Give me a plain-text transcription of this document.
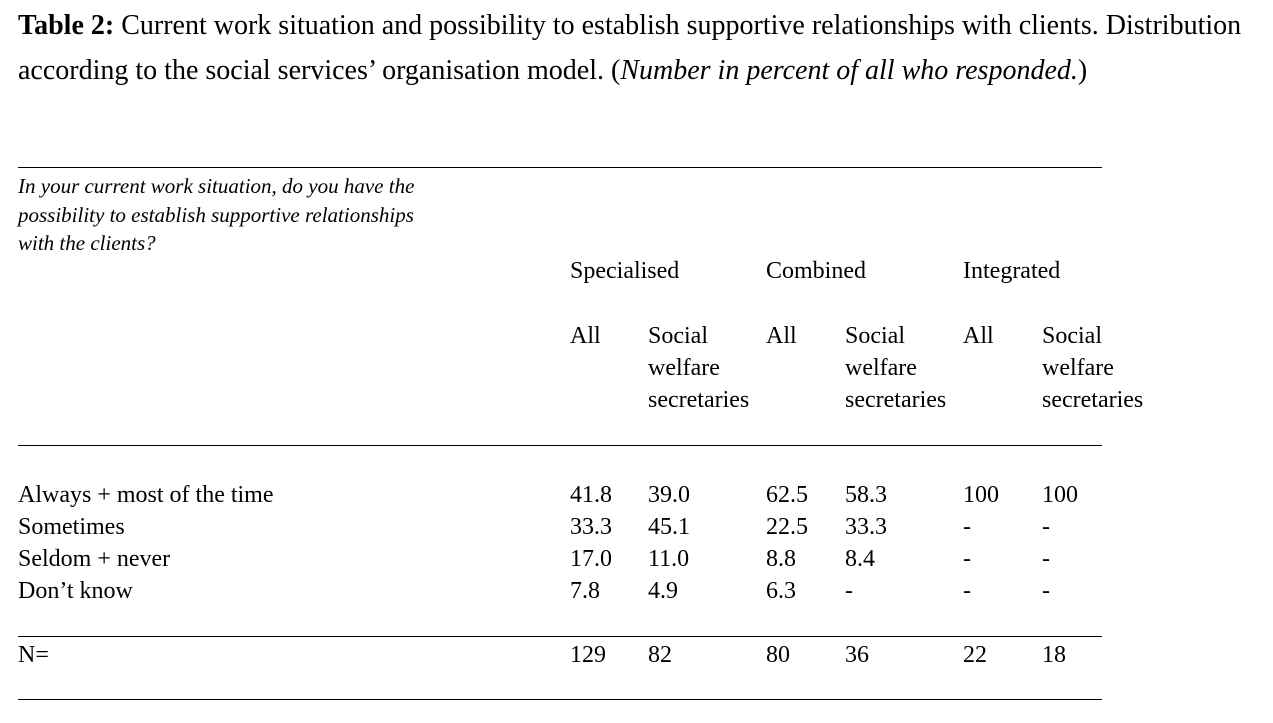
Table 2: Current work situation and possibility to establish supportive relationships with clients. Distribution according to the social services’ organisation model. (Number in percent of all who responded.)

In your current work situation, do you have the possibility to establish supportive relationships with the clients?
Specialised	Combined	Integrated
All Social welfare secretaries
All Social welfare secretaries
All Social welfare secretaries
Always + most of the time	41.8 39.0	62.5 58.3	100 100
Sometimes	33.3 45.1	22.5 33.3	-	-
Seldom + never	17.0 11.0	8.8 8.4	-	-
Don’t know	7.8 4.9	6.3 -	-	-
N=	129 82	80 36	22 18
